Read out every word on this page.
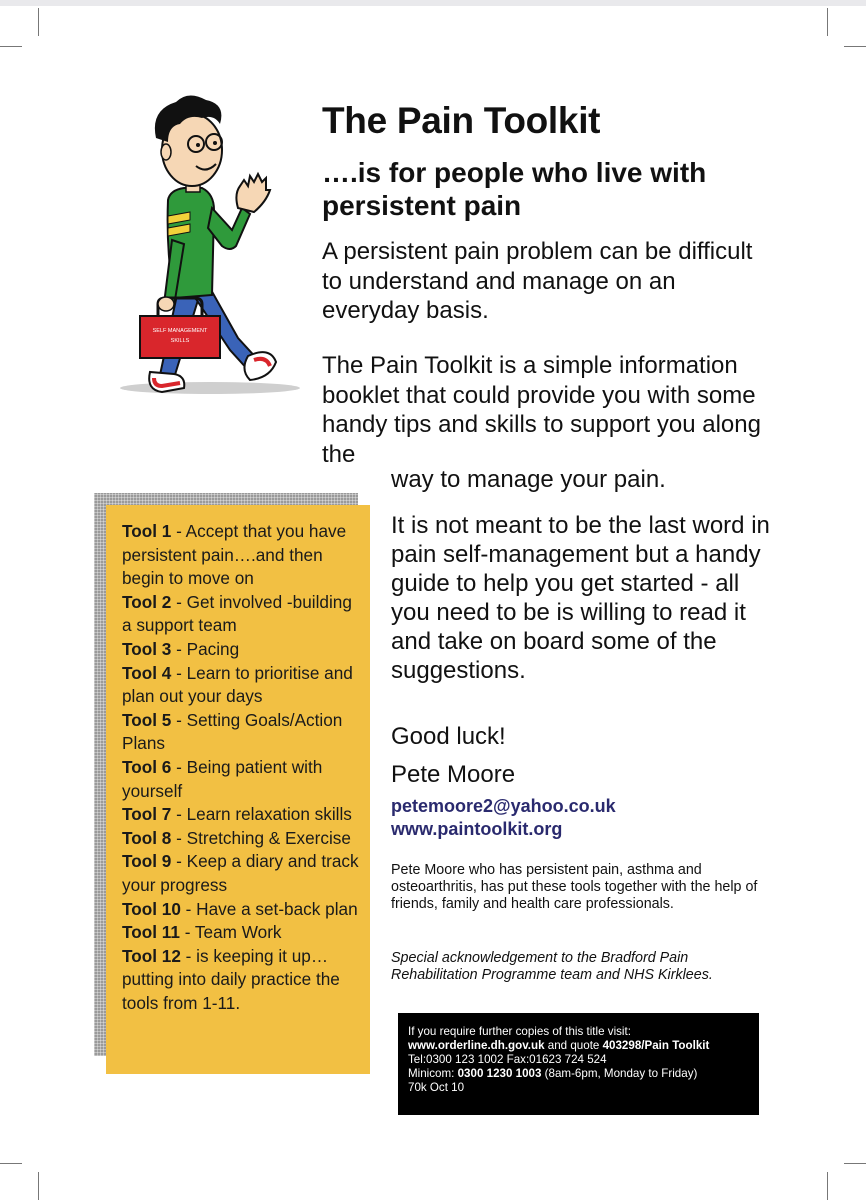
SELF MANAGEMENT
SKILLS
The Pain Toolkit
….is for people who live with persistent pain

A persistent pain problem can be difficult to understand and manage on an everyday basis.

The Pain Toolkit is a simple information booklet that could provide you with some handy tips and skills to support you along the

way to manage your pain.

It is not meant to be the last word in pain self-management but a handy guide to help you get started - all you need to be is willing to read it and take on board some of the suggestions.

Good luck!

Pete Moore

petemoore2@yahoo.co.uk
www.paintoolkit.org

Pete Moore who has persistent pain, asthma and osteoarthritis, has put these tools together with the help of friends, family and health care professionals.

Special acknowledgement to the Bradford Pain Rehabilitation Programme team and NHS Kirklees.

If you require further copies of this title visit:
www.orderline.dh.gov.uk and quote 403298/Pain Toolkit Tel:0300 123 1002 Fax:01623 724 524
Minicom: 0300 1230 1003 (8am-6pm, Monday to Friday)
70k Oct 10

Tool 1 - Accept that you have persistent pain….and then begin to move on

Tool 2 - Get involved -building a support team

Tool 3 - Pacing

Tool 4 - Learn to prioritise and plan out your days

Tool 5 - Setting Goals/Action Plans

Tool 6 - Being patient with yourself

Tool 7 - Learn relaxation skills

Tool 8 - Stretching & Exercise

Tool 9 - Keep a diary and track your progress

Tool 10 - Have a set-back plan

Tool 11 - Team Work

Tool 12 - is keeping it up…putting into daily practice the tools from 1-11.
